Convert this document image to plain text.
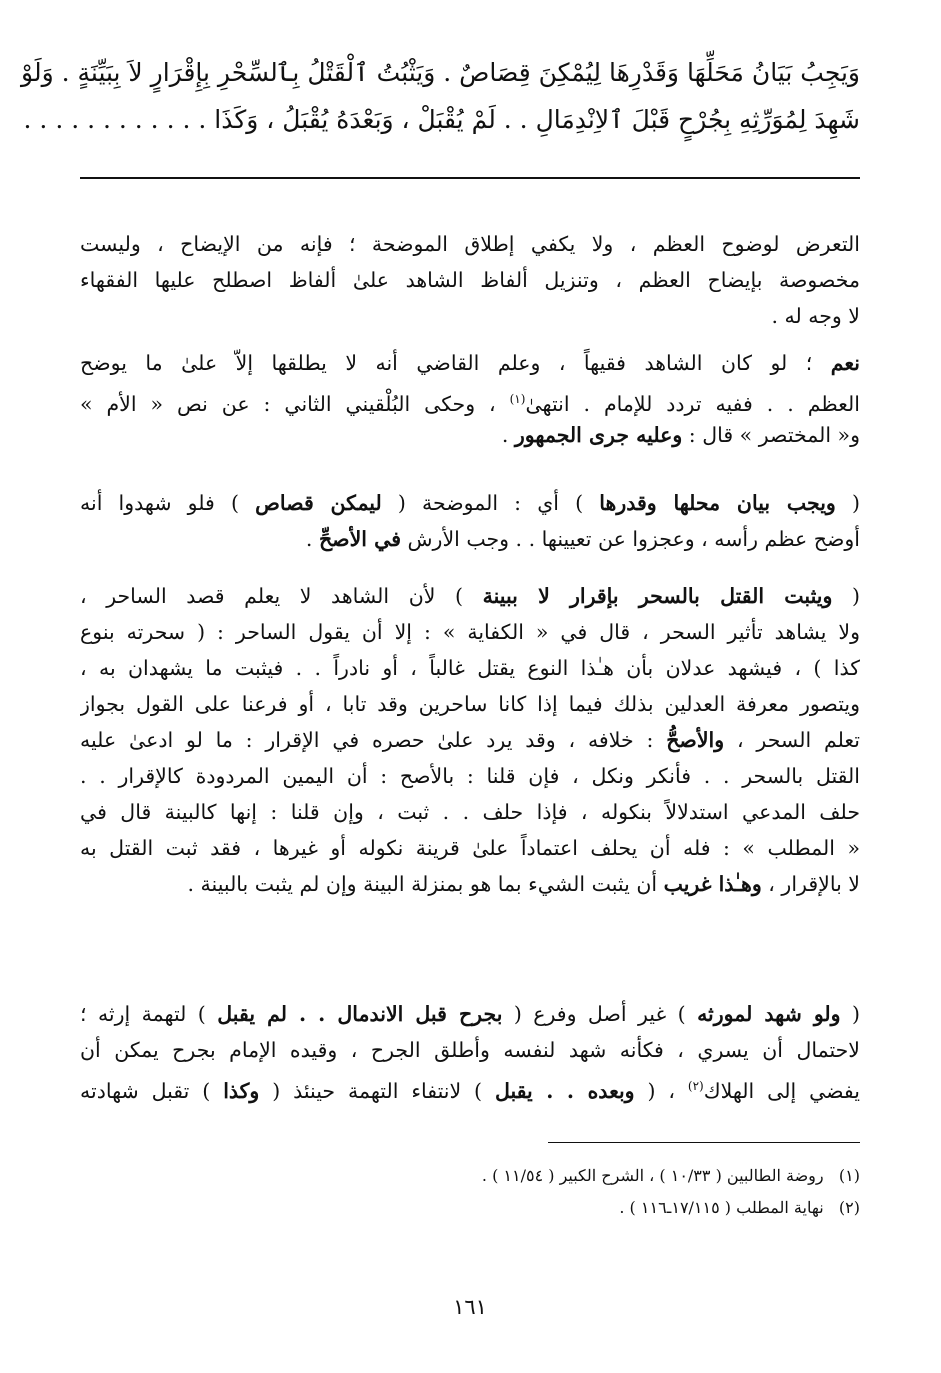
وَيَجِبُ بَيَانُ مَحَلِّهَا وَقَدْرِهَا لِيُمْكِنَ قِصَاصٌ . وَيَثْبُتُ ٱلْقَتْلُ بِٱلسِّحْرِ بِإِقْرَارٍ لاَ بِبَيِّنَةٍ . وَلَوْ
شَهِدَ لِمُوَرِّثِهِ بِجُرْحٍ قَبْلَ ٱلاِنْدِمَالِ . . لَمْ يُقْبَلْ ، وَبَعْدَهُ يُقْبَلُ ، وَكَذَا . . . . . . . . . . . .
التعرض لوضوح العظم ، ولا يكفي إطلاق الموضحة ؛ فإنه من الإيضاح ، وليست
مخصوصة بإيضاح العظم ، وتنزيل ألفاظ الشاهد علىٰ ألفاظ اصطلح عليها الفقهاء
لا وجه له .
نعم ؛ لو كان الشاهد فقيهاً ، وعلم القاضي أنه لا يطلقها إلاّ علىٰ ما يوضح
العظم . . ففيه تردد للإمام . انتهىٰ$^{(١)}$ ، وحكى البُلْقيني الثاني : عن نص « الأم »
و« المختصر » قال : وعليه جرى الجمهور .
( ويجب بيان محلها وقدرها ) أي : الموضحة ( ليمكن قصاص ) فلو شهدوا أنه
أوضح عظم رأسه ، وعجزوا عن تعيينها . . وجب الأرش في الأصحِّ .
( ويثبت القتل بالسحر بإقرار لا ببينة ) لأن الشاهد لا يعلم قصد الساحر ،
ولا يشاهد تأثير السحر ، قال في « الكفاية » : إلا أن يقول الساحر : ( سحرته بنوع
كذا ) ، فيشهد عدلان بأن هـٰذا النوع يقتل غالباً ، أو نادراً . . فيثبت ما يشهدان به ،
ويتصور معرفة العدلين بذلك فيما إذا كانا ساحرين وقد تابا ، أو فرعنا على القول بجواز
تعلم السحر ، والأصحُّ : خلافه ، وقد يرد علىٰ حصره في الإقرار : ما لو ادعىٰ عليه
القتل بالسحر . . فأنكر ونكل ، فإن قلنا : بالأصح : أن اليمين المردودة كالإقرار . .
حلف المدعي استدلالاً بنكوله ، فإذا حلف . . ثبت ، وإن قلنا : إنها كالبينة قال في
« المطلب » : فله أن يحلف اعتماداً علىٰ قرينة نكوله أو غيرها ، فقد ثبت القتل به
لا بالإقرار ، وهـٰذا غريب أن يثبت الشيء بما هو بمنزلة البينة وإن لم يثبت بالبينة .
( ولو شهد لمورثه ) غير أصل وفرع ( بجرح قبل الاندمال . . لم يقبل ) لتهمة إرثه ؛
لاحتمال أن يسري ، فكأنه شهد لنفسه وأطلق الجرح ، وقيده الإمام بجرح يمكن أن
يفضي إلى الهلاك$^{(٢)}$ ، ( وبعده . . يقبل ) لانتفاء التهمة حينئذ ( وكذا ) تقبل شهادته
(١)   روضة الطالبين ( ١٠/٣٣ ) ، الشرح الكبير ( ١١/٥٤ ) .
(٢)   نهاية المطلب ( ١٧/١١٥ـ١١٦ ) .
١٦١
